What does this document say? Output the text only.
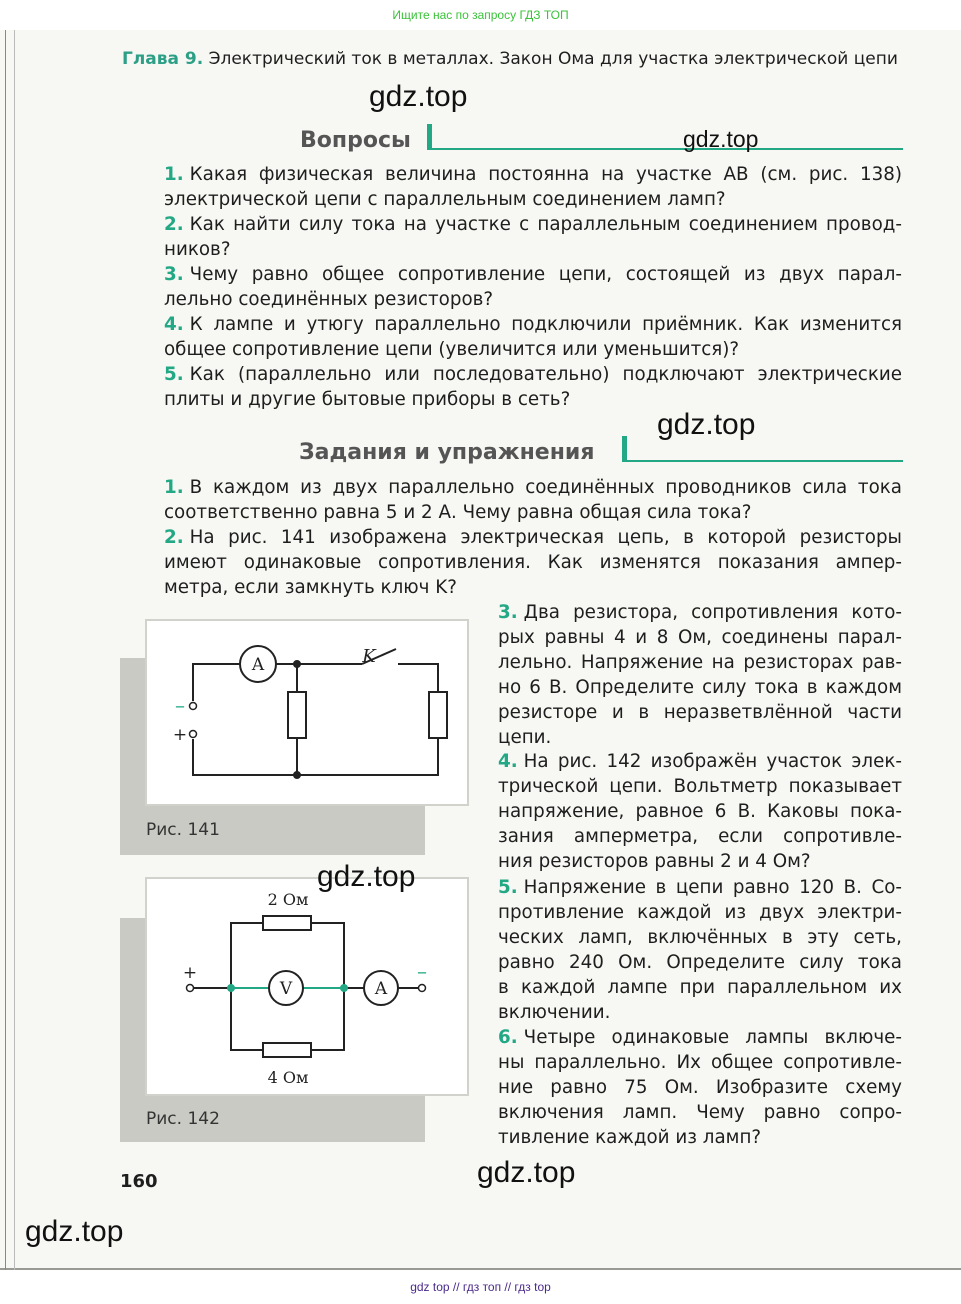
Ищите нас по запросу ГДЗ ТОП
Глава 9. Электрический ток в металлах. Закон Ома для участка электрической цепи
Вопросы
Задания и упражнения
1. Какая физическая величина постоянна на участке AB (см. рис. 138)
электрической цепи с параллельным соединением ламп?
2. Как найти силу тока на участке с параллельным соединением провод-
ников?
3. Чему равно общее сопротивление цепи, состоящей из двух парал-
лельно соединённых резисторов?
4. К лампе и утюгу параллельно подключили приёмник. Как изменится
общее сопротивление цепи (увеличится или уменьшится)?
5. Как (параллельно или последовательно) подключают электрические
плиты и другие бытовые приборы в сеть?
1. В каждом из двух параллельно соединённых проводников сила тока
соответственно равна 5 и 2 А. Чему равна общая сила тока?
2. На рис. 141 изображена электрическая цепь, в которой резисторы
имеют одинаковые сопротивления. Как изменятся показания ампер-
метра, если замкнуть ключ K?
3. Два резистора, сопротивления кото-
рых равны 4 и 8 Ом, соединены парал-
лельно. Напряжение на резисторах рав-
но 6 В. Определите силу тока в каждом
резисторе и в неразветвлённой части
цепи.
4. На рис. 142 изображён участок элек-
трической цепи. Вольтметр показывает
напряжение, равное 6 В. Каковы пока-
зания амперметра, если сопротивле-
ния резисторов равны 2 и 4 Ом?
5. Напряжение в цепи равно 120 В. Со-
противление каждой из двух электри-
ческих ламп, включённых в эту сеть,
равно 240 Ом. Определите силу тока
в каждой лампе при параллельном их
включении.
6. Четыре одинаковые лампы включе-
ны параллельно. Их общее сопротивле-
ние равно 75 Ом. Изобразите схему
включения ламп. Чему равно сопро-
тивление каждой из ламп?
Рис. 141
A	K
–
+
2 Ом
4 Ом
V	A
+	–
Рис. 142
160
gdz.top
gdz.top
gdz.top
gdz.top
gdz.top
gdz.top
gdz top // гдз топ // гдз top
